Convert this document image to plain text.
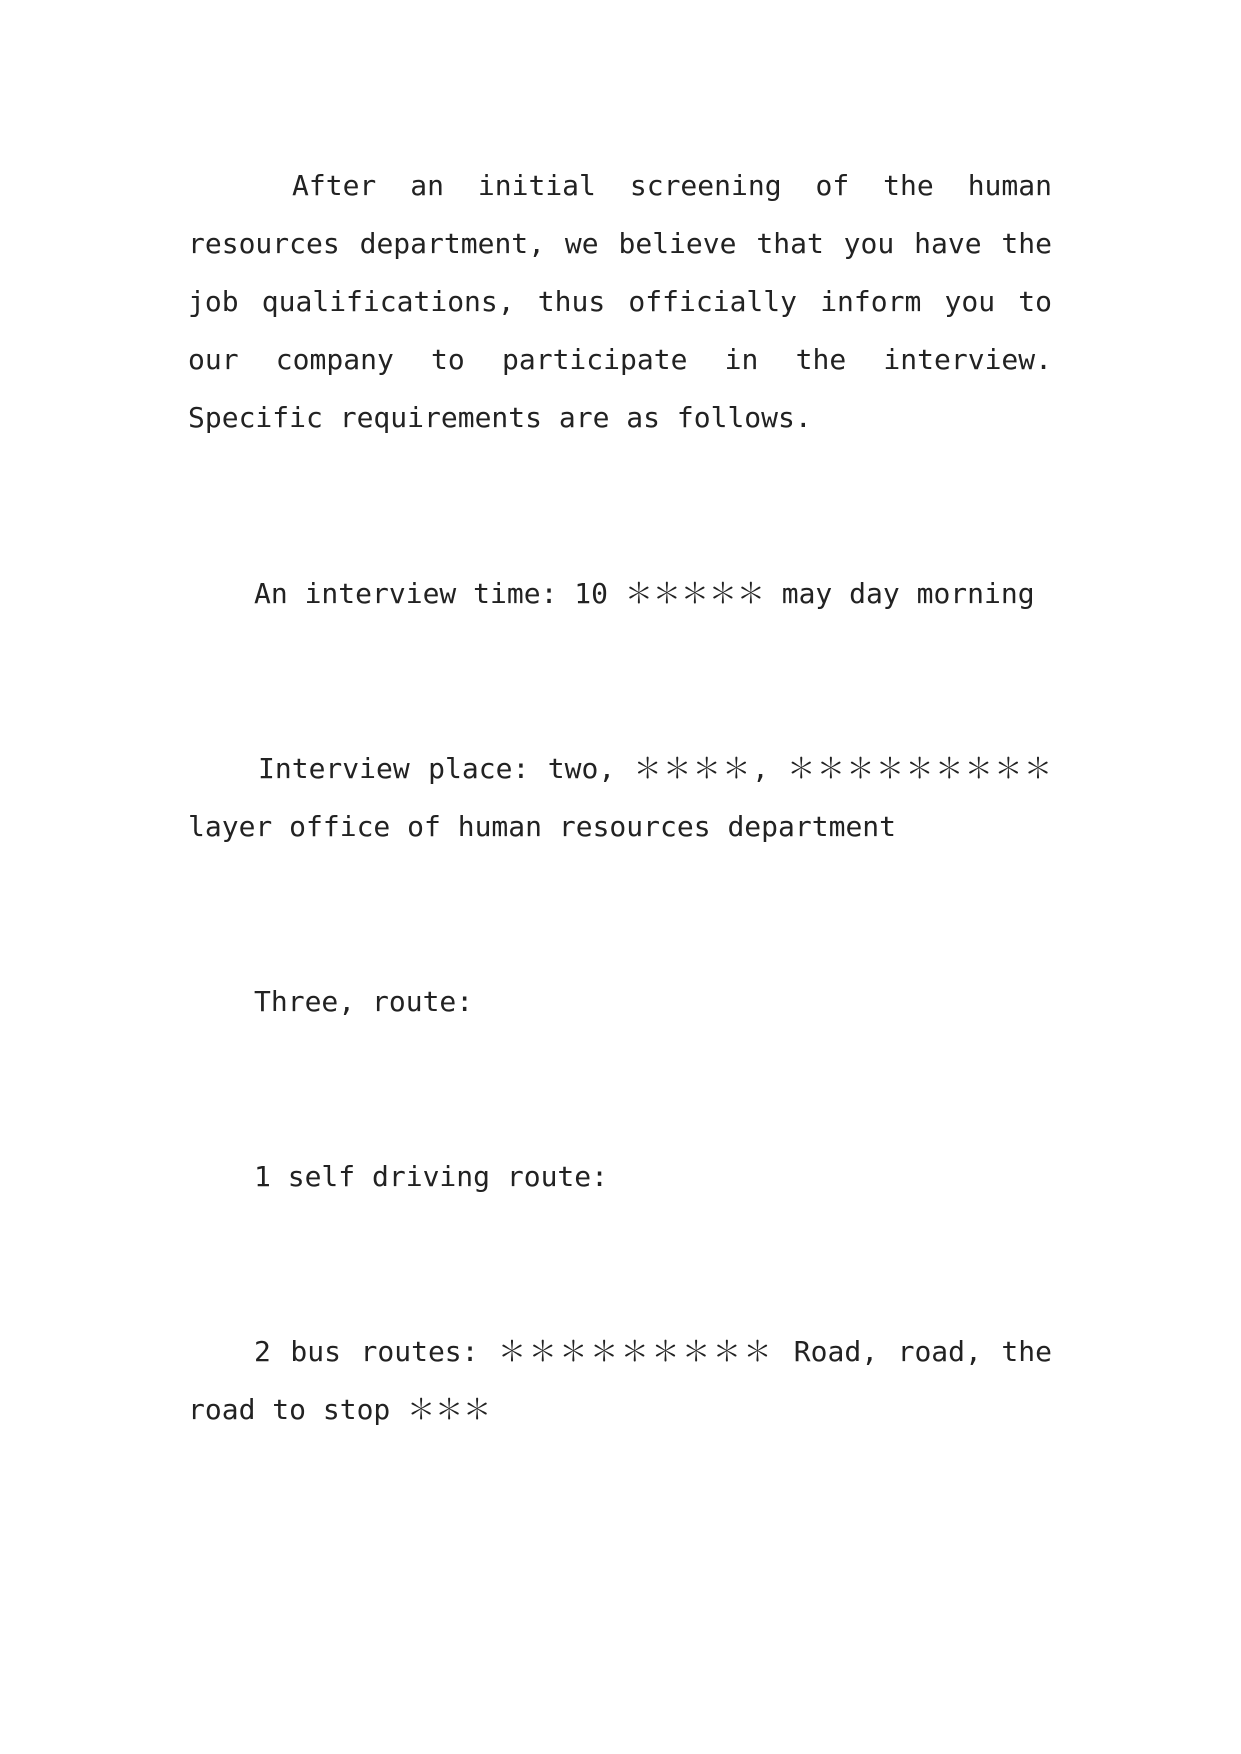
After an initial screening of the human resources department, we believe that you have the job qualifications, thus officially inform you to our company to participate in the interview. Specific requirements are as follows.

An interview time: 10 ＊＊＊＊＊ may day morning

Interview place: two, ＊＊＊＊, ＊＊＊＊＊＊＊＊＊ layer office of human resources department

Three, route:

1 self driving route:

2 bus routes: ＊＊＊＊＊＊＊＊＊ Road, road, the road to stop ＊＊＊
